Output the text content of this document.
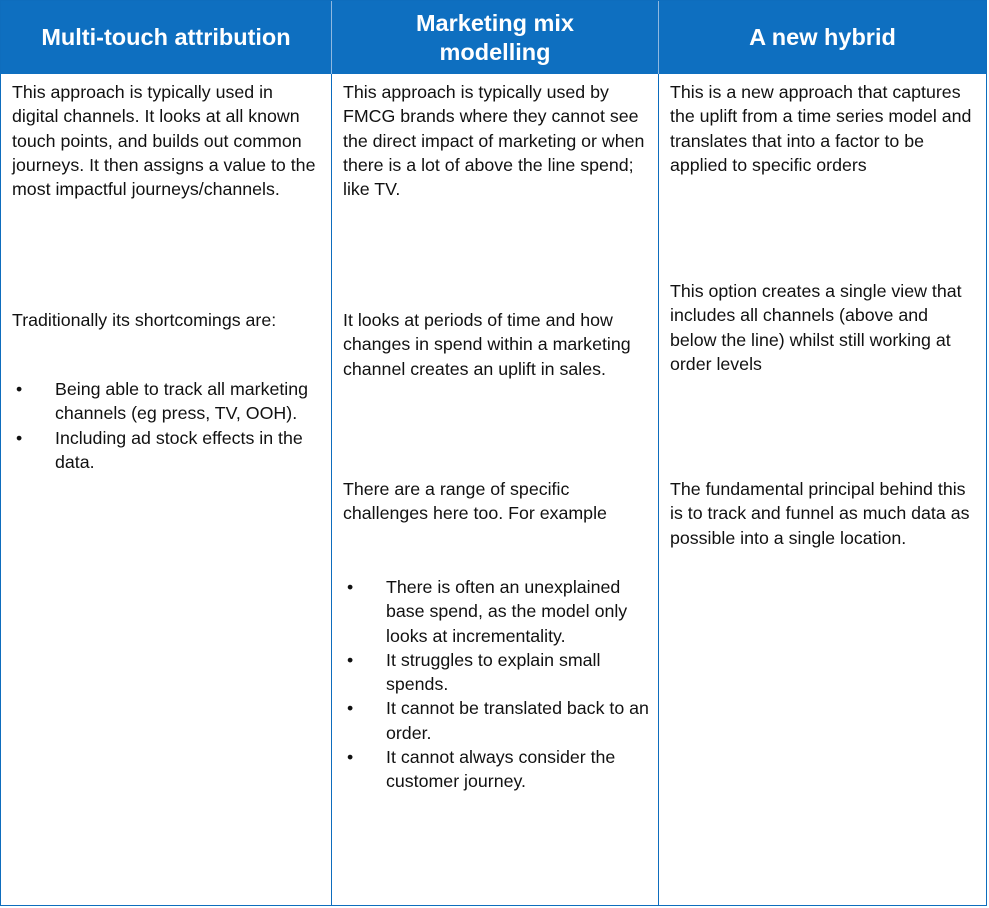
Multi-touch attribution
Marketing mix
modelling
A new hybrid

This approach is typically used in digital channels. It looks at all known touch points, and builds out common journeys. It then assigns a value to the most impactful journeys/channels.

Traditionally its shortcomings are:

• Being able to track all marketing channels (eg press, TV, OOH).
• Including ad stock effects in the data.

This approach is typically used by FMCG brands where they cannot see the direct impact of marketing or when there is a lot of above the line spend; like TV.

It looks at periods of time and how changes in spend within a marketing channel creates an uplift in sales.

There are a range of specific challenges here too. For example

• There is often an unexplained base spend, as the model only looks at incrementality.
• It struggles to explain small spends.
• It cannot be translated back to an order.
• It cannot always consider the customer journey.

This is a new approach that captures the uplift from a time series model and translates that into a factor to be applied to specific orders

This option creates a single view that includes all channels (above and below the line) whilst still working at order levels

The fundamental principal behind this is to track and funnel as much data as possible into a single location.
